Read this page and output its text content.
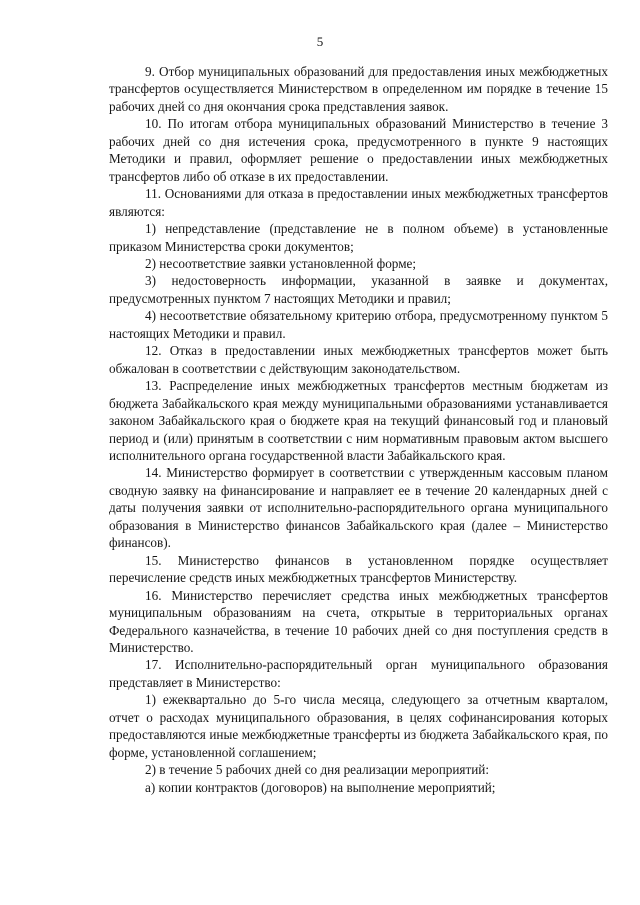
5

9. Отбор муниципальных образований для предоставления иных межбюджетных трансфертов осуществляется Министерством в определенном им порядке в течение 15 рабочих дней со дня окончания срока представления заявок.

10. По итогам отбора муниципальных образований Министерство в течение 3 рабочих дней со дня истечения срока, предусмотренного в пункте 9 настоящих Методики и правил, оформляет решение о предоставлении иных межбюджетных трансфертов либо об отказе в их предоставлении.

11. Основаниями для отказа в предоставлении иных межбюджетных трансфертов являются:

1) непредставление (представление не в полном объеме) в установленные приказом Министерства сроки документов;

2) несоответствие заявки установленной форме;

3) недостоверность информации, указанной в заявке и документах, предусмотренных пунктом 7 настоящих Методики и правил;

4) несоответствие обязательному критерию отбора, предусмотренному пунктом 5 настоящих Методики и правил.

12. Отказ в предоставлении иных межбюджетных трансфертов может быть обжалован в соответствии с действующим законодательством.

13. Распределение иных межбюджетных трансфертов местным бюджетам из бюджета Забайкальского края между муниципальными образованиями устанавливается законом Забайкальского края о бюджете края на текущий финансовый год и плановый период и (или) принятым в соответствии с ним нормативным правовым актом высшего исполнительного органа государственной власти Забайкальского края.

14. Министерство формирует в соответствии с утвержденным кассовым планом сводную заявку на финансирование и направляет ее в течение 20 календарных дней с даты получения заявки от исполнительно-распорядительного органа муниципального образования в Министерство финансов Забайкальского края (далее – Министерство финансов).

15. Министерство финансов в установленном порядке осуществляет перечисление средств иных межбюджетных трансфертов Министерству.

16. Министерство перечисляет средства иных межбюджетных трансфертов муниципальным образованиям на счета, открытые в территориальных органах Федерального казначейства, в течение 10 рабочих дней со дня поступления средств в Министерство.

17. Исполнительно-распорядительный орган муниципального образования представляет в Министерство:

1) ежеквартально до 5-го числа месяца, следующего за отчетным кварталом, отчет о расходах муниципального образования, в целях софинансирования которых предоставляются иные межбюджетные трансферты из бюджета Забайкальского края, по форме, установленной соглашением;

2) в течение 5 рабочих дней со дня реализации мероприятий:

а) копии контрактов (договоров) на выполнение мероприятий;
